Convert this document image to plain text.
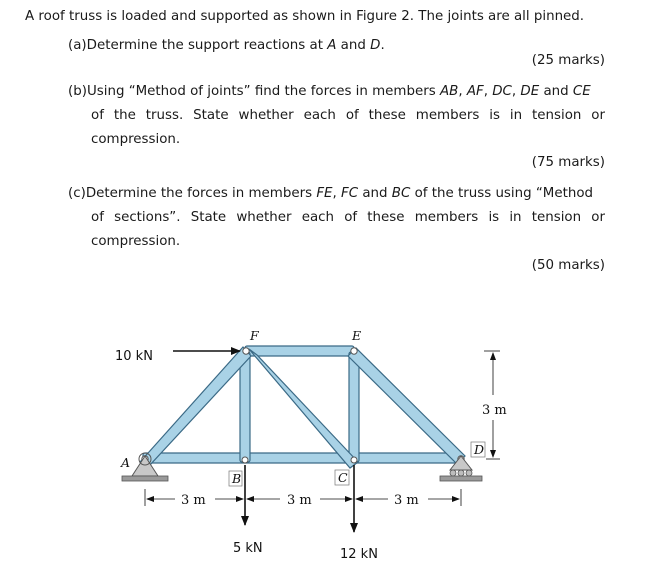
A roof truss is loaded and supported as shown in Figure 2. The joints are all pinned.
(a)Determine the support reactions at A and D.
(25 marks)
(b)Using “Method of joints” find the forces in members AB, AF, DC, DE and CE
of the truss. State whether each of these members is in tension or
compression.
(75 marks)
(c)Determine the forces in members FE, FC and BC of the truss using “Method
of sections”. State whether each of these members is in tension or
compression.
(50 marks)
10 kN
5 kN	12 kN
A
B	C
D
E
F
3 m	3 m	3 m
3 m
